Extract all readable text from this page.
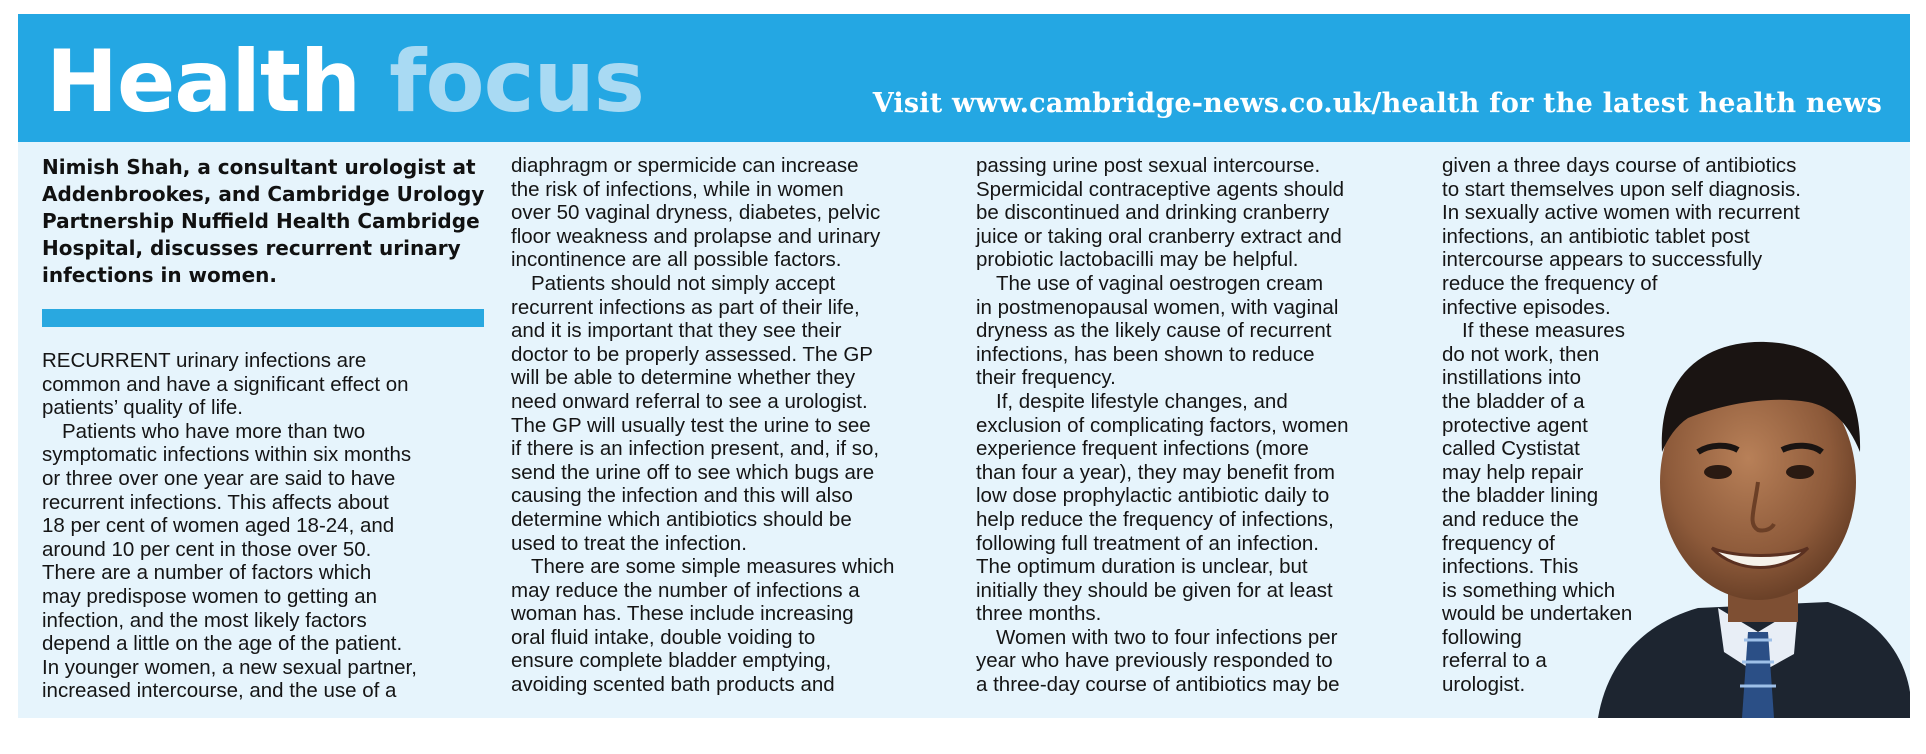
Health focus	Visit www.cambridge-news.co.uk/health for the latest health news
Nimish Shah, a consultant urologist at
Addenbrookes, and Cambridge Urology
Partnership Nuffield Health Cambridge
Hospital, discusses recurrent urinary
infections in women.

RECURRENT urinary infections are
common and have a significant effect on
patients’ quality of life.

Patients who have more than two
symptomatic infections within six months
or three over one year are said to have
recurrent infections. This affects about
18 per cent of women aged 18-24, and
around 10 per cent in those over 50.
There are a number of factors which
may predispose women to getting an
infection, and the most likely factors
depend a little on the age of the patient.
In younger women, a new sexual partner,
increased intercourse, and the use of a

diaphragm or spermicide can increase
the risk of infections, while in women
over 50 vaginal dryness, diabetes, pelvic
floor weakness and prolapse and urinary
incontinence are all possible factors.

Patients should not simply accept
recurrent infections as part of their life,
and it is important that they see their
doctor to be properly assessed. The GP
will be able to determine whether they
need onward referral to see a urologist.
The GP will usually test the urine to see
if there is an infection present, and, if so,
send the urine off to see which bugs are
causing the infection and this will also
determine which antibiotics should be
used to treat the infection.

There are some simple measures which
may reduce the number of infections a
woman has. These include increasing
oral fluid intake, double voiding to
ensure complete bladder emptying,
avoiding scented bath products and

passing urine post sexual intercourse.
Spermicidal contraceptive agents should
be discontinued and drinking cranberry
juice or taking oral cranberry extract and
probiotic lactobacilli may be helpful.

The use of vaginal oestrogen cream
in postmenopausal women, with vaginal
dryness as the likely cause of recurrent
infections, has been shown to reduce
their frequency.

If, despite lifestyle changes, and
exclusion of complicating factors, women
experience frequent infections (more
than four a year), they may benefit from
low dose prophylactic antibiotic daily to
help reduce the frequency of infections,
following full treatment of an infection.
The optimum duration is unclear, but
initially they should be given for at least
three months.

Women with two to four infections per
year who have previously responded to
a three-day course of antibiotics may be

given a three days course of antibiotics
to start themselves upon self diagnosis.
In sexually active women with recurrent
infections, an antibiotic tablet post
intercourse appears to successfully
reduce the frequency of
infective episodes.

If these measures
do not work, then
instillations into
the bladder of a
protective agent
called Cystistat
may help repair
the bladder lining
and reduce the
frequency of
infections. This
is something which
would be undertaken
following
referral to a
urologist.
